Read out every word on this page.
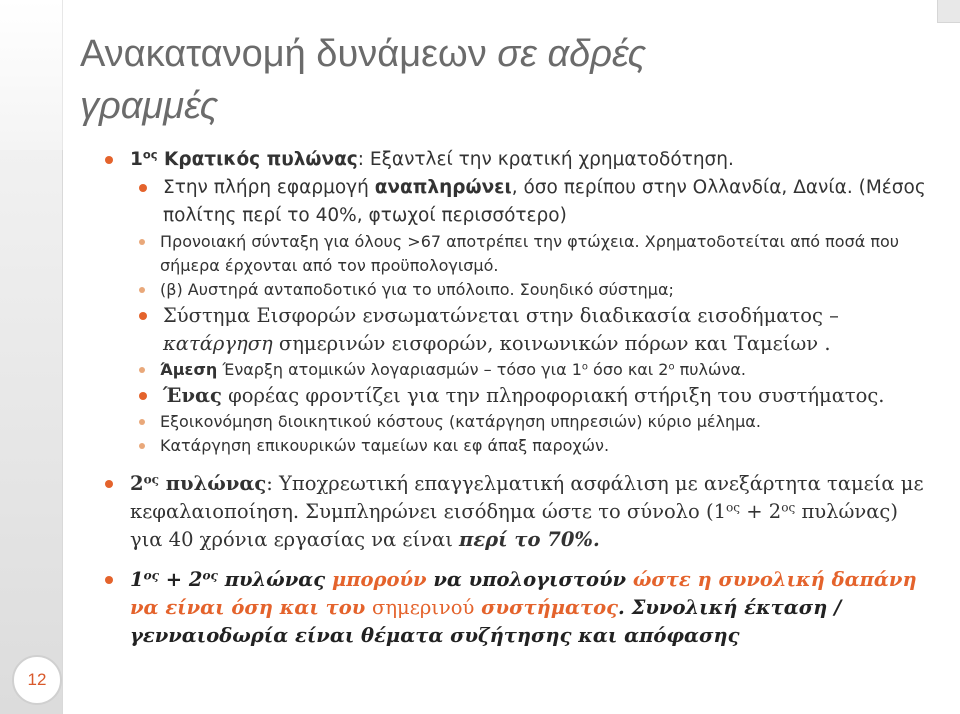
12
Ανακατανομή δυνάμεων σε αδρές
γραμμές
$1^{o\varsigma}$ Κρατικός πυλώνας: Εξαντλεί την κρατική χρηματοδότηση.
Στην πλήρη εφαρμογή αναπληρώνει, όσο περίπου στην Ολλανδία, Δανία. (Μέσος πολίτης περί το 40%, φτωχοί περισσότερο)
Προνοιακή σύνταξη για όλους >67 αποτρέπει την φτώχεια. Χρηματοδοτείται από ποσά που σήμερα έρχονται από τον προϋπολογισμό.
(β) Αυστηρά ανταποδοτικό για το υπόλοιπο. Σουηδικό σύστημα;
Σύστημα Εισφορών ενσωματώνεται στην διαδικασία εισοδήματος –
κατάργηση σημερινών εισφορών, κοινωνικών πόρων και Ταμείων .
Άμεση Έναρξη ατομικών λογαριασμών – τόσο για $1^o$ όσο και $2^o$ πυλώνα.
Ένας φορέας φροντίζει για την πληροφοριακή στήριξη του συστήματος.
Εξοικονόμηση διοικητικού κόστους (κατάργηση υπηρεσιών) κύριο μέλημα.
Κατάργηση επικουρικών ταμείων και εφ άπαξ παροχών.
$2^{o\varsigma}$ πυλώνας: Υποχρεωτική επαγγελματική ασφάλιση με ανεξάρτητα ταμεία με κεφαλαιοποίηση. Συμπληρώνει εισόδημα ώστε το σύνολο ($1^{o\varsigma} + 2^{o\varsigma}$ πυλώνας) για 40 χρόνια εργασίας να είναι περί το 70%.
$1^{o\varsigma} + 2^{o\varsigma}$ πυλώνας μπορούν να υπολογιστούν ώστε η συνολική δαπάνη να είναι όση και του σημερινού συστήματος. Συνολική έκταση / γενναιοδωρία είναι θέματα συζήτησης και απόφασης
